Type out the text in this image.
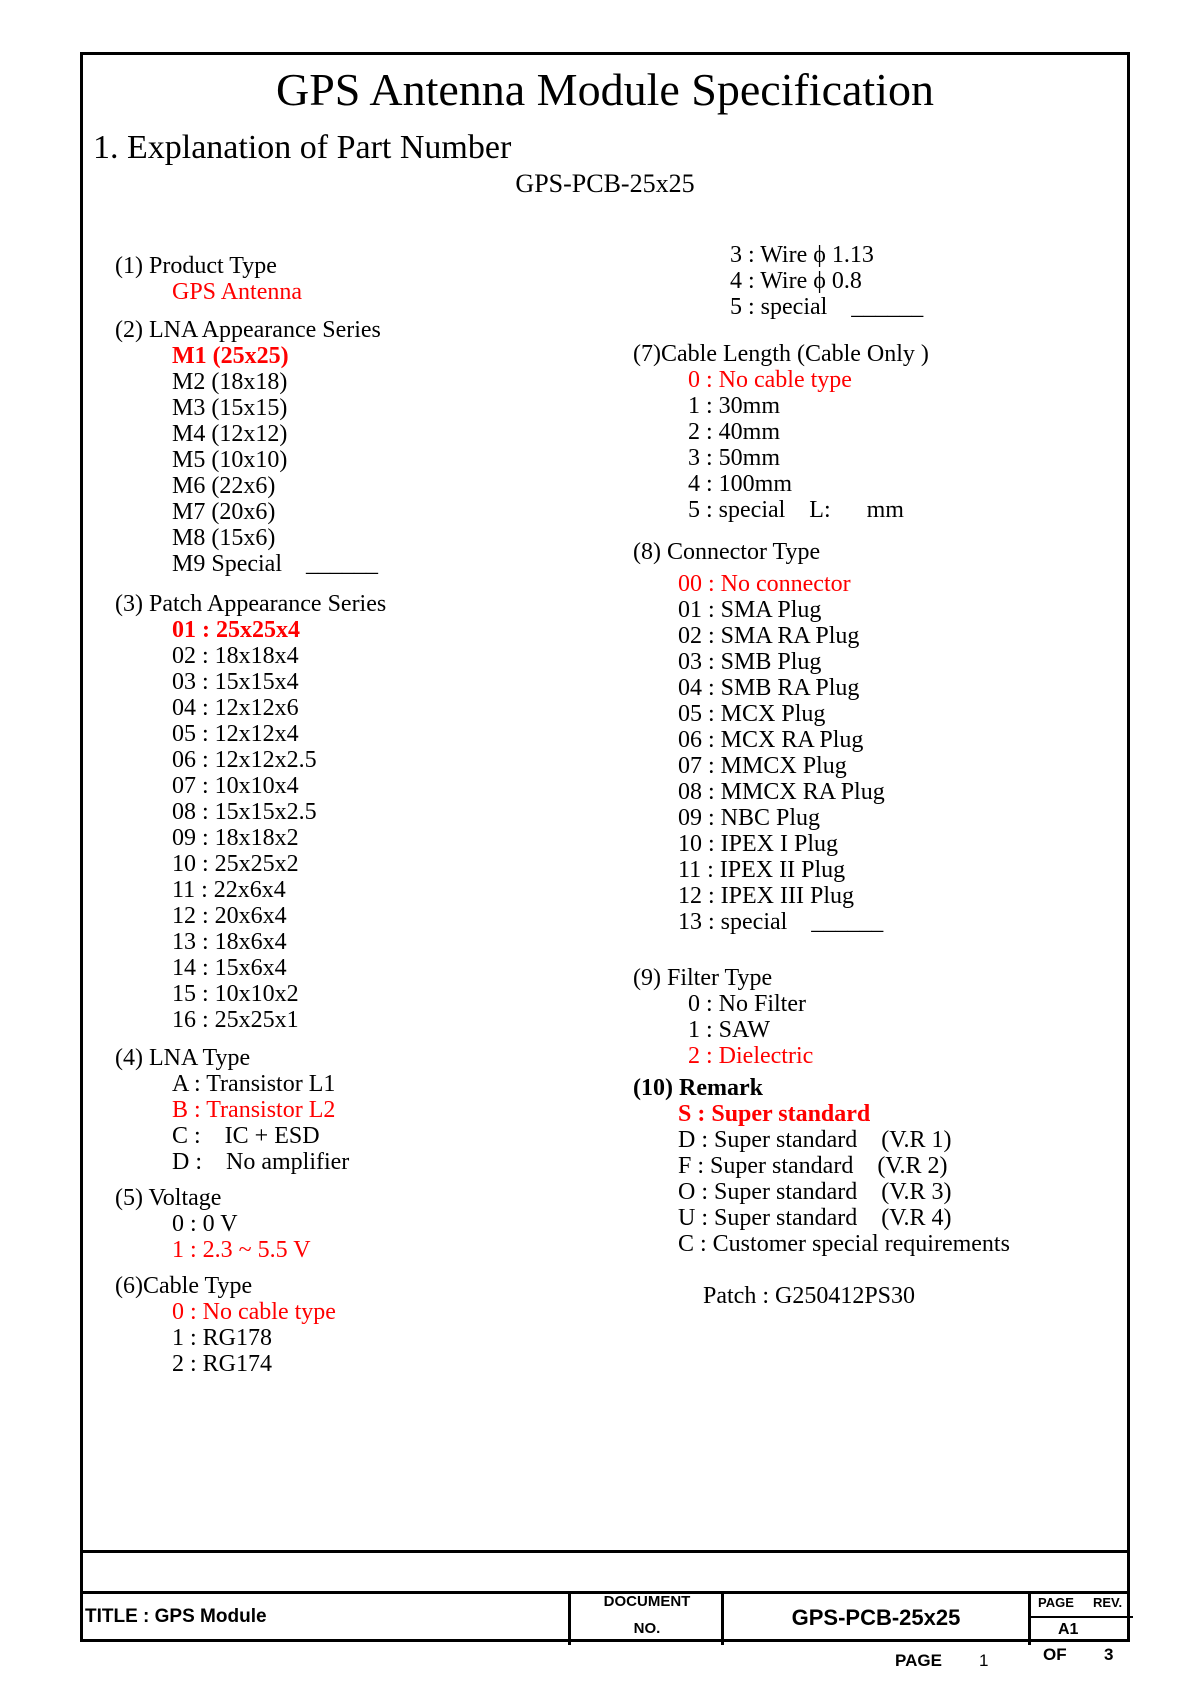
GPS Antenna Module Specification
1. Explanation of Part Number
GPS-PCB-25x25
(1) Product Type
GPS Antenna
(2) LNA Appearance Series
M1 (25x25)
M2 (18x18)
M3 (15x15)
M4 (12x12)
M5 (10x10)
M6 (22x6)
M7 (20x6)
M8 (15x6)
M9 Special    ______
(3) Patch Appearance Series
01 : 25x25x4
02 : 18x18x4
03 : 15x15x4
04 : 12x12x6
05 : 12x12x4
06 : 12x12x2.5
07 : 10x10x4
08 : 15x15x2.5
09 : 18x18x2
10 : 25x25x2
11 : 22x6x4
12 : 20x6x4
13 : 18x6x4
14 : 15x6x4
15 : 10x10x2
16 : 25x25x1
(4) LNA Type
A : Transistor L1
B : Transistor L2
C :    IC + ESD
D :    No amplifier
(5) Voltage
0 : 0 V
1 : 2.3 ~ 5.5 V
(6)Cable Type
0 : No cable type
1 : RG178
2 : RG174
3 : Wire ϕ 1.13
4 : Wire ϕ 0.8
5 : special    ______
(7)Cable Length (Cable Only )
0 : No cable type
1 : 30mm
2 : 40mm
3 : 50mm
4 : 100mm
5 : special    L:      mm
(8) Connector Type
00 : No connector
01 : SMA Plug
02 : SMA RA Plug
03 : SMB Plug
04 : SMB RA Plug
05 : MCX Plug
06 : MCX RA Plug
07 : MMCX Plug
08 : MMCX RA Plug
09 : NBC Plug
10 : IPEX I Plug
11 : IPEX II Plug
12 : IPEX III Plug
13 : special    ______
(9) Filter Type
0 : No Filter
1 : SAW
2 : Dielectric
(10) Remark
S : Super standard
D : Super standard    (V.R 1)
F : Super standard    (V.R 2)
O : Super standard    (V.R 3)
U : Super standard    (V.R 4)
C : Customer special requirements
Patch : G250412PS30
TITLE : GPS Module
DOCUMENT
NO.	GPS-PCB-25x25
PAGE REV.
A1
PAGE 1	OF 3
